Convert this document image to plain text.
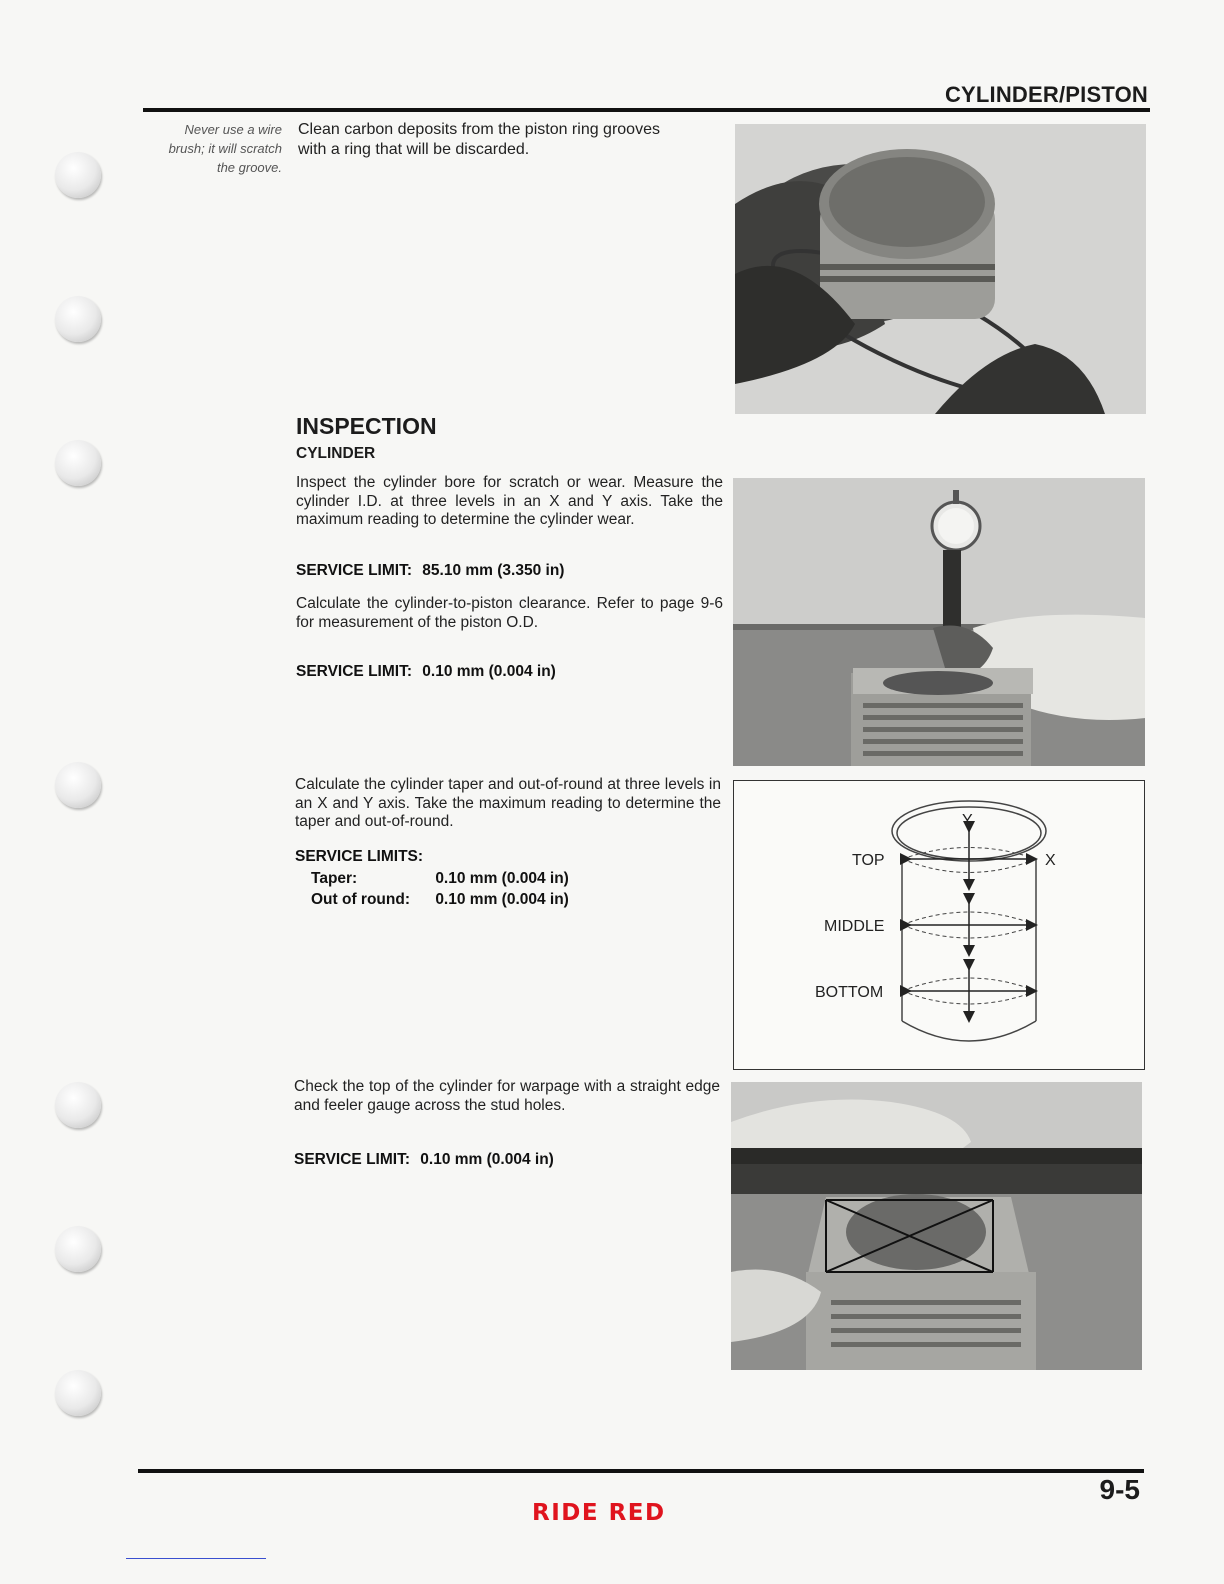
CYLINDER/PISTON
Never use a wire
brush; it will scratch
the groove.
Clean carbon deposits from the piston ring grooves
with a ring that will be discarded.
INSPECTION
CYLINDER
Inspect the cylinder bore for scratch or wear. Measure the cylinder I.D. at three levels in an X and Y axis. Take the maximum reading to determine the cylinder wear.
SERVICE LIMIT: 85.10 mm (3.350 in)
Calculate the cylinder-to-piston clearance. Refer to page 9-6 for measurement of the piston O.D.
SERVICE LIMIT: 0.10 mm (0.004 in)
Calculate the cylinder taper and out-of-round at three levels in an X and Y axis. Take the maximum reading to determine the taper and out-of-round.
SERVICE LIMITS:
Taper:	0.10 mm (0.004 in)
Out of round: 0.10 mm (0.004 in)
Y
X
TOP
MIDDLE
BOTTOM
Check the top of the cylinder for warpage with a straight edge and feeler gauge across the stud holes.
SERVICE LIMIT: 0.10 mm (0.004 in)
9-5
RIDE RED
